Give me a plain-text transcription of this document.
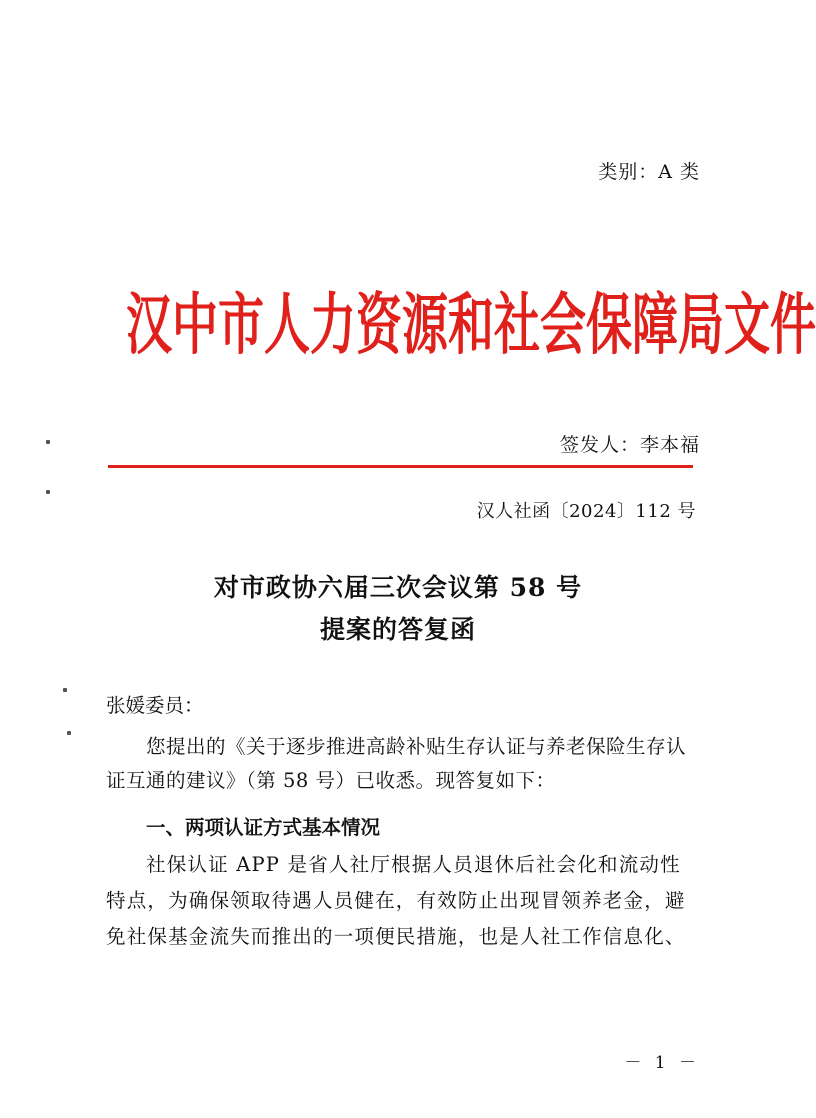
类别：A 类
汉 中 市 人 力 资 源 和 社 会 保 障 局 文 件
签发人：李本福
汉人社函〔2024〕112 号
对市政协六届三次会议第 58 号
提案的答复函
张媛委员：
您提出的《关于逐步推进高龄补贴生存认证与养老保险生存认证互通的建议》（第 58 号）已收悉。现答复如下：
一、两项认证方式基本情况
社保认证 APP 是省人社厅根据人员退休后社会化和流动性特点，为确保领取待遇人员健在，有效防止出现冒领养老金，避免社保基金流失而推出的一项便民措施，也是人社工作信息化、
－ 1 －
